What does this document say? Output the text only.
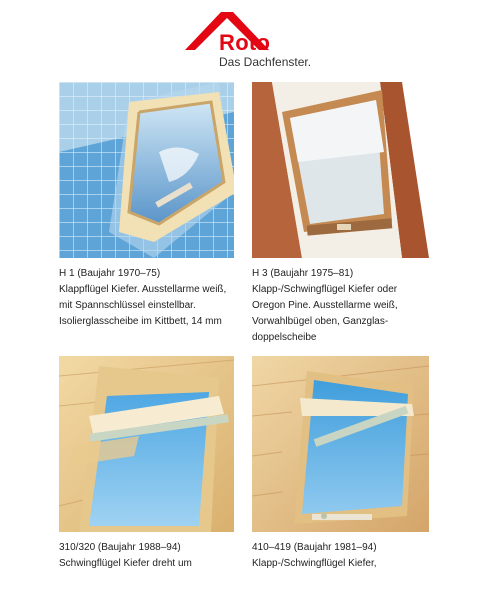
Roto
Das Dachfenster.
H 1 (Baujahr 1970–75)
Klappflügel Kiefer. Ausstellarme weiß,
mit Spannschlüssel einstellbar.
Isolierglasscheibe im Kittbett, 14 mm
H 3 (Baujahr 1975–81)
Klapp-/Schwingflügel Kiefer oder
Oregon Pine. Ausstellarme weiß,
Vorwahlbügel oben, Ganzglas-
doppelscheibe
310/320 (Baujahr 1988–94)
Schwingflügel Kiefer dreht um
410–419 (Baujahr 1981–94)
Klapp-/Schwingflügel Kiefer,
